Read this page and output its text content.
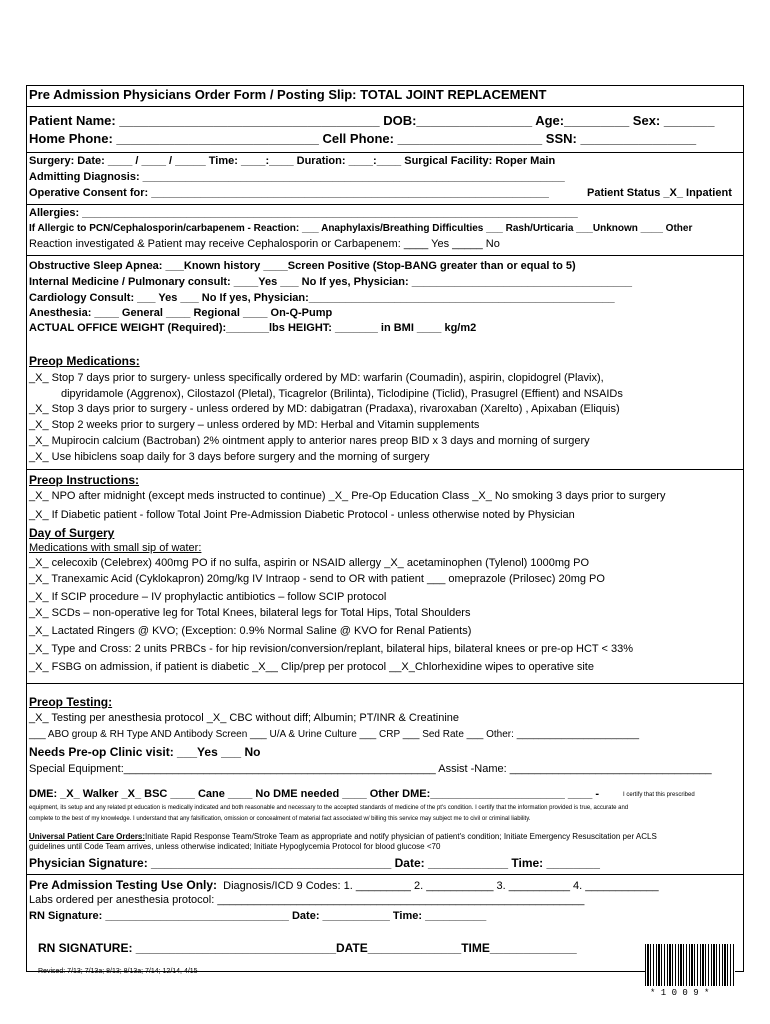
Pre Admission Physicians Order Form / Posting Slip: TOTAL JOINT REPLACEMENT
Patient Name: ____________________________________ DOB:________________ Age:_________ Sex: _______
Home Phone: ____________________________ Cell Phone: ____________________ SSN: ________________
Surgery: Date: ____ / ____ / _____ Time: ____:____ Duration: ____:____ Surgical Facility: Roper Main
Admitting Diagnosis: _____________________________________________________________________
Operative Consent for: _________________________________________________________________	Patient Status _X_ Inpatient
Allergies: _________________________________________________________________________________
If Allergic to PCN/Cephalosporin/carbapenem - Reaction: ___ Anaphylaxis/Breathing Difficulties ___ Rash/Urticaria ___Unknown ____ Other
Reaction investigated & Patient may receive Cephalosporin or Carbapenem: ____ Yes _____ No
Obstructive Sleep Apnea: ___Known history ____Screen Positive (Stop-BANG greater than or equal to 5)
Internal Medicine / Pulmonary consult: ____Yes ___ No If yes, Physician: ____________________________________
Cardiology Consult: ___ Yes ___ No If yes, Physician:__________________________________________________
Anesthesia: ____ General ____ Regional ____ On-Q-Pump
ACTUAL OFFICE WEIGHT (Required):_______lbs HEIGHT: _______ in BMI ____ kg/m2
Preop Medications:
_X_ Stop 7 days prior to surgery- unless specifically ordered by MD: warfarin (Coumadin), aspirin, clopidogrel (Plavix),
dipyridamole (Aggrenox), Cilostazol (Pletal), Ticagrelor (Brilinta), Ticlodipine (Ticlid), Prasugrel (Effient) and NSAIDs
_X_ Stop 3 days prior to surgery - unless ordered by MD: dabigatran (Pradaxa), rivaroxaban (Xarelto) , Apixaban (Eliquis)
_X_ Stop 2 weeks prior to surgery – unless ordered by MD: Herbal and Vitamin supplements
_X_ Mupirocin calcium (Bactroban) 2% ointment apply to anterior nares preop BID x 3 days and morning of surgery
_X_ Use hibiclens soap daily for 3 days before surgery and the morning of surgery
Preop Instructions:
_X_ NPO after midnight (except meds instructed to continue) _X_ Pre-Op Education Class _X_ No smoking 3 days prior to surgery
_X_ If Diabetic patient - follow Total Joint Pre-Admission Diabetic Protocol - unless otherwise noted by Physician
Day of Surgery
Medications with small sip of water:
_X_ celecoxib (Celebrex) 400mg PO if no sulfa, aspirin or NSAID allergy _X_ acetaminophen (Tylenol) 1000mg PO
_X_ Tranexamic Acid (Cyklokapron) 20mg/kg IV Intraop - send to OR with patient ___ omeprazole (Prilosec) 20mg PO
_X_ If SCIP procedure – IV prophylactic antibiotics – follow SCIP protocol
_X_ SCDs – non-operative leg for Total Knees, bilateral legs for Total Hips, Total Shoulders
_X_ Lactated Ringers @ KVO; (Exception: 0.9% Normal Saline @ KVO for Renal Patients)
_X_ Type and Cross: 2 units PRBCs - for hip revision/conversion/replant, bilateral hips, bilateral knees or pre-op HCT < 33%
_X_ FSBG on admission, if patient is diabetic _X__ Clip/prep per protocol __X_Chlorhexidine wipes to operative site
Preop Testing:
_X_ Testing per anesthesia protocol _X_ CBC without diff; Albumin; PT/INR & Creatinine
___ ABO group & RH Type AND Antibody Screen ___ U/A & Urine Culture ___ CRP ___ Sed Rate ___ Other: ______________________
Needs Pre-op Clinic visit: ___Yes ___ No
Special Equipment:___________________________________________________ Assist -Name: _________________________________
DME: _X_ Walker _X_ BSC ____ Cane ____ No DME needed ____ Other DME:______________________ ____ -	I certify that this prescribed
equipment, its setup and any related pt education is medically indicated and both reasonable and necessary to the accepted standards of medicine of the pt's condition. I certify that the information provided is true, accurate and
complete to the best of my knowledge. I understand that any falsification, omission or concealment of material fact associated w/ billing this service may subject me to civil or criminal liability.
Universal Patient Care Orders:Initiate Rapid Response Team/Stroke Team as appropriate and notify physician of patient's condition; Initiate Emergency Resuscitation per ACLS
guidelines until Code Team arrives, unless otherwise indicated; Initiate Hypoglycemia Protocol for blood glucose <70
Physician Signature: ____________________________________ Date: ____________ Time: ________
Pre Admission Testing Use Only: Diagnosis/ICD 9 Codes: 1. _________ 2. ___________ 3. __________ 4. ____________
Labs ordered per anesthesia protocol: ____________________________________________________________
RN Signature: ______________________________ Date: ___________ Time: __________
RN SIGNATURE: ______________________________DATE______________TIME_____________
Revised: 7/13; 7/13a; 8/13; 8/13a; 7/14; 12/14, 4/15
* 1 0 0 9 *
